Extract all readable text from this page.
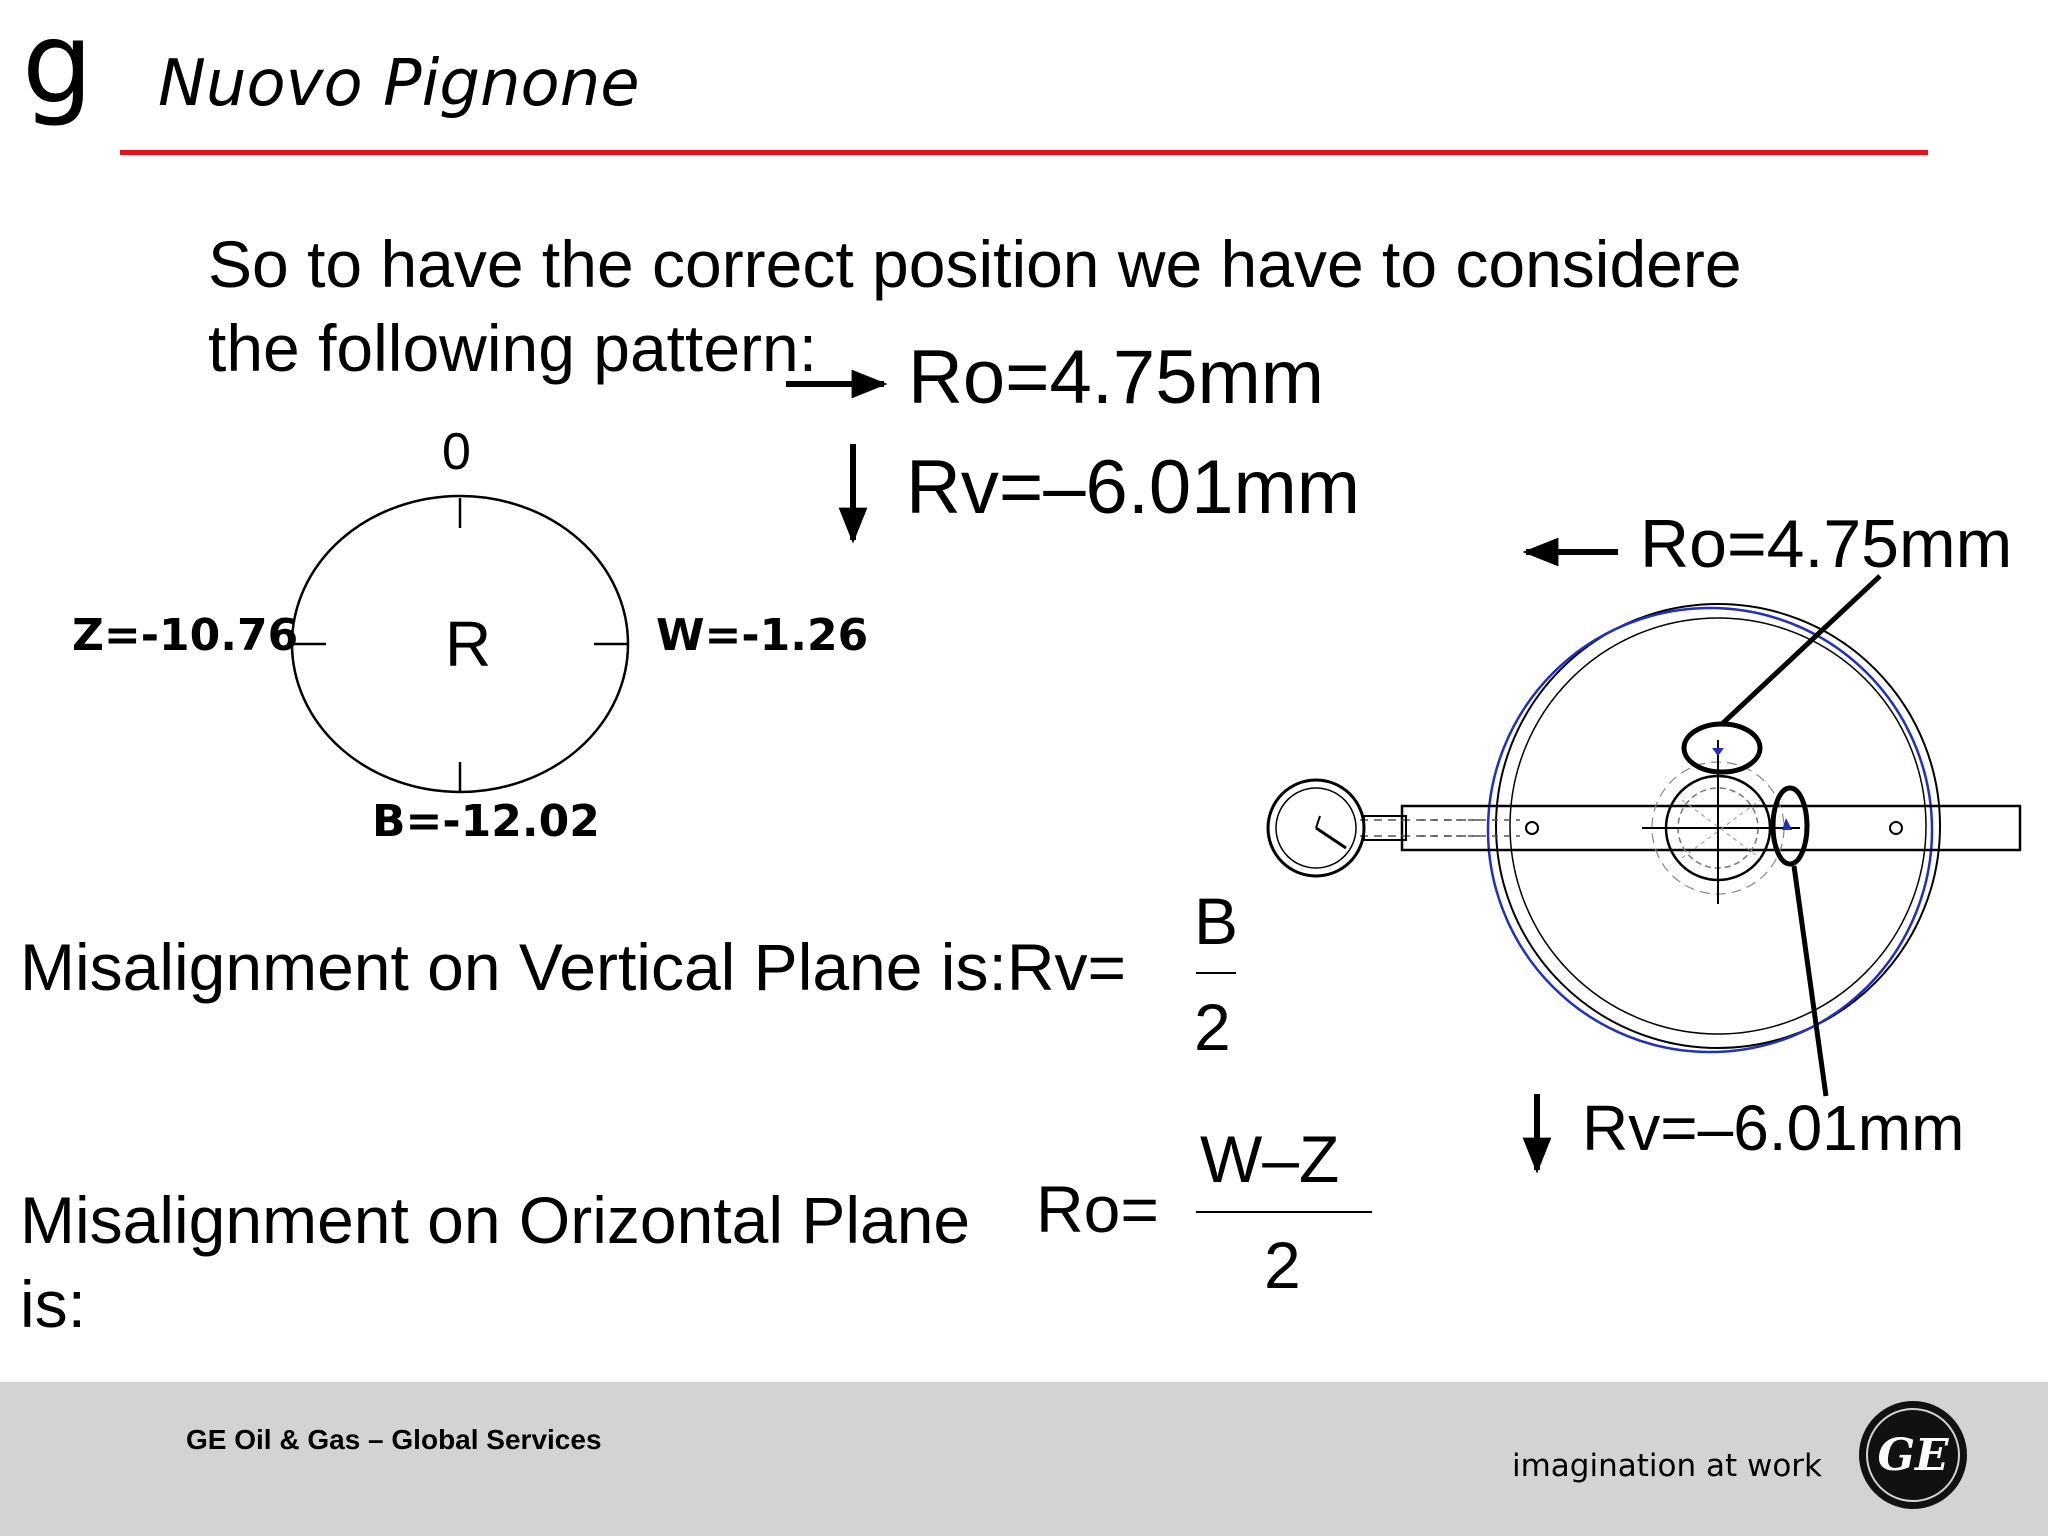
g Nuovo Pignone
So to have the correct position we have to considere
the following pattern:
0
R
Z=-10.76	W=-1.26
B=-12.02
Ro=4.75mm
Rv=–6.01mm
Ro=4.75mm
Rv=–6.01mm
Misalignment on Vertical Plane is:Rv=
B
2
Misalignment on Orizontal Plane
is:
Ro=
W–Z
2
GE Oil & Gas – Global Services
imagination at work GE
